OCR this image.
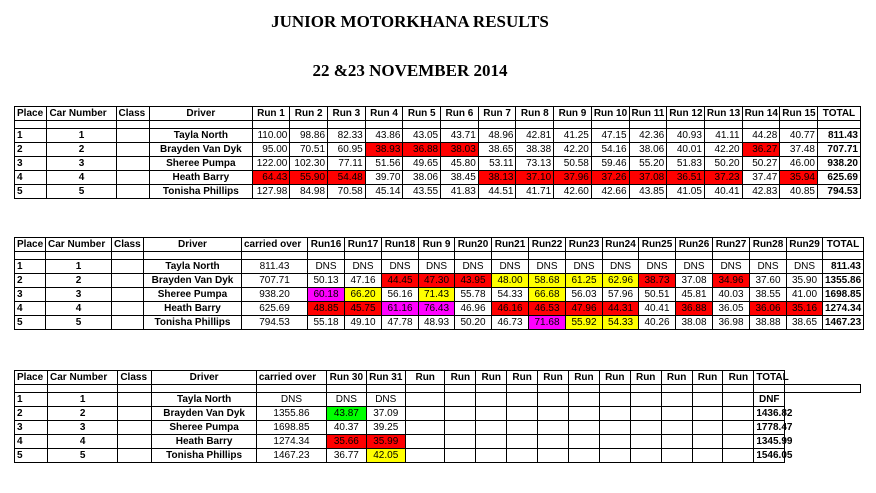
JUNIOR MOTORKHANA RESULTS
22 &23 NOVEMBER 2014
Place	Car Number	Class	Driver	Run 1	Run 2	Run 3	Run 4	Run 5	Run 6	Run 7	Run 8	Run 9	Run 10	Run 11	Run 12	Run 13	Run 14	Run 15	TOTAL

1	1		Tayla North	110.00	98.86	82.33	43.86	43.05	43.71	48.96	42.81	41.25	47.15	42.36	40.93	41.11	44.28	40.77	811.43
2	2		Brayden Van Dyk	95.00	70.51	60.95	38.93	36.88	38.03	38.65	38.38	42.20	54.16	38.06	40.01	42.20	36.27	37.48	707.71
3	3		Sheree Pumpa	122.00	102.30	77.11	51.56	49.65	45.80	53.11	73.13	50.58	59.46	55.20	51.83	50.20	50.27	46.00	938.20
4	4		Heath Barry	64.43	55.90	54.48	39.70	38.06	38.45	38.13	37.10	37.96	37.26	37.08	36.51	37.23	37.47	35.94	625.69
5	5		Tonisha Phillips	127.98	84.98	70.58	45.14	43.55	41.83	44.51	41.71	42.60	42.66	43.85	41.05	40.41	42.83	40.85	794.53
Place	Car Number	Class	Driver	carried over	Run16	Run17	Run18	Run 9	Run20	Run21	Run22	Run23	Run24	Run25	Run26	Run27	Run28	Run29	TOTAL

1	1		Tayla North	811.43	DNS	DNS	DNS	DNS	DNS	DNS	DNS	DNS	DNS	DNS	DNS	DNS	DNS	DNS	811.43
2	2		Brayden Van Dyk	707.71	50.13	47.16	44.45	47.30	43.95	48.00	58.68	61.25	62.96	38.73	37.08	34.96	37.60	35.90	1355.86
3	3		Sheree Pumpa	938.20	60.18	66.20	56.16	71.43	55.78	54.33	66.68	56.03	57.96	50.51	45.81	40.03	38.55	41.00	1698.85
4	4		Heath Barry	625.69	48.85	45.75	61.16	76.43	46.96	46.16	46.53	47.96	44.31	40.41	36.88	36.05	36.06	35.16	1274.34
5	5		Tonisha Phillips	794.53	55.18	49.10	47.78	48.93	50.20	46.73	71.68	55.92	54.33	40.26	38.08	36.98	38.88	38.65	1467.23
Place	Car Number	Class	Driver	carried over	Run 30	Run 31	Run	Run	Run	Run	Run	Run	Run	Run	Run	Run	Run	TOTAL	

1	1		Tayla North	DNS	DNS	DNS												DNF	
2	2		Brayden Van Dyk	1355.86	43.87	37.09												1436.82	
3	3		Sheree Pumpa	1698.85	40.37	39.25												1778.47	
4	4		Heath Barry	1274.34	35.66	35.99												1345.99	
5	5		Tonisha Phillips	1467.23	36.77	42.05												1546.05	
